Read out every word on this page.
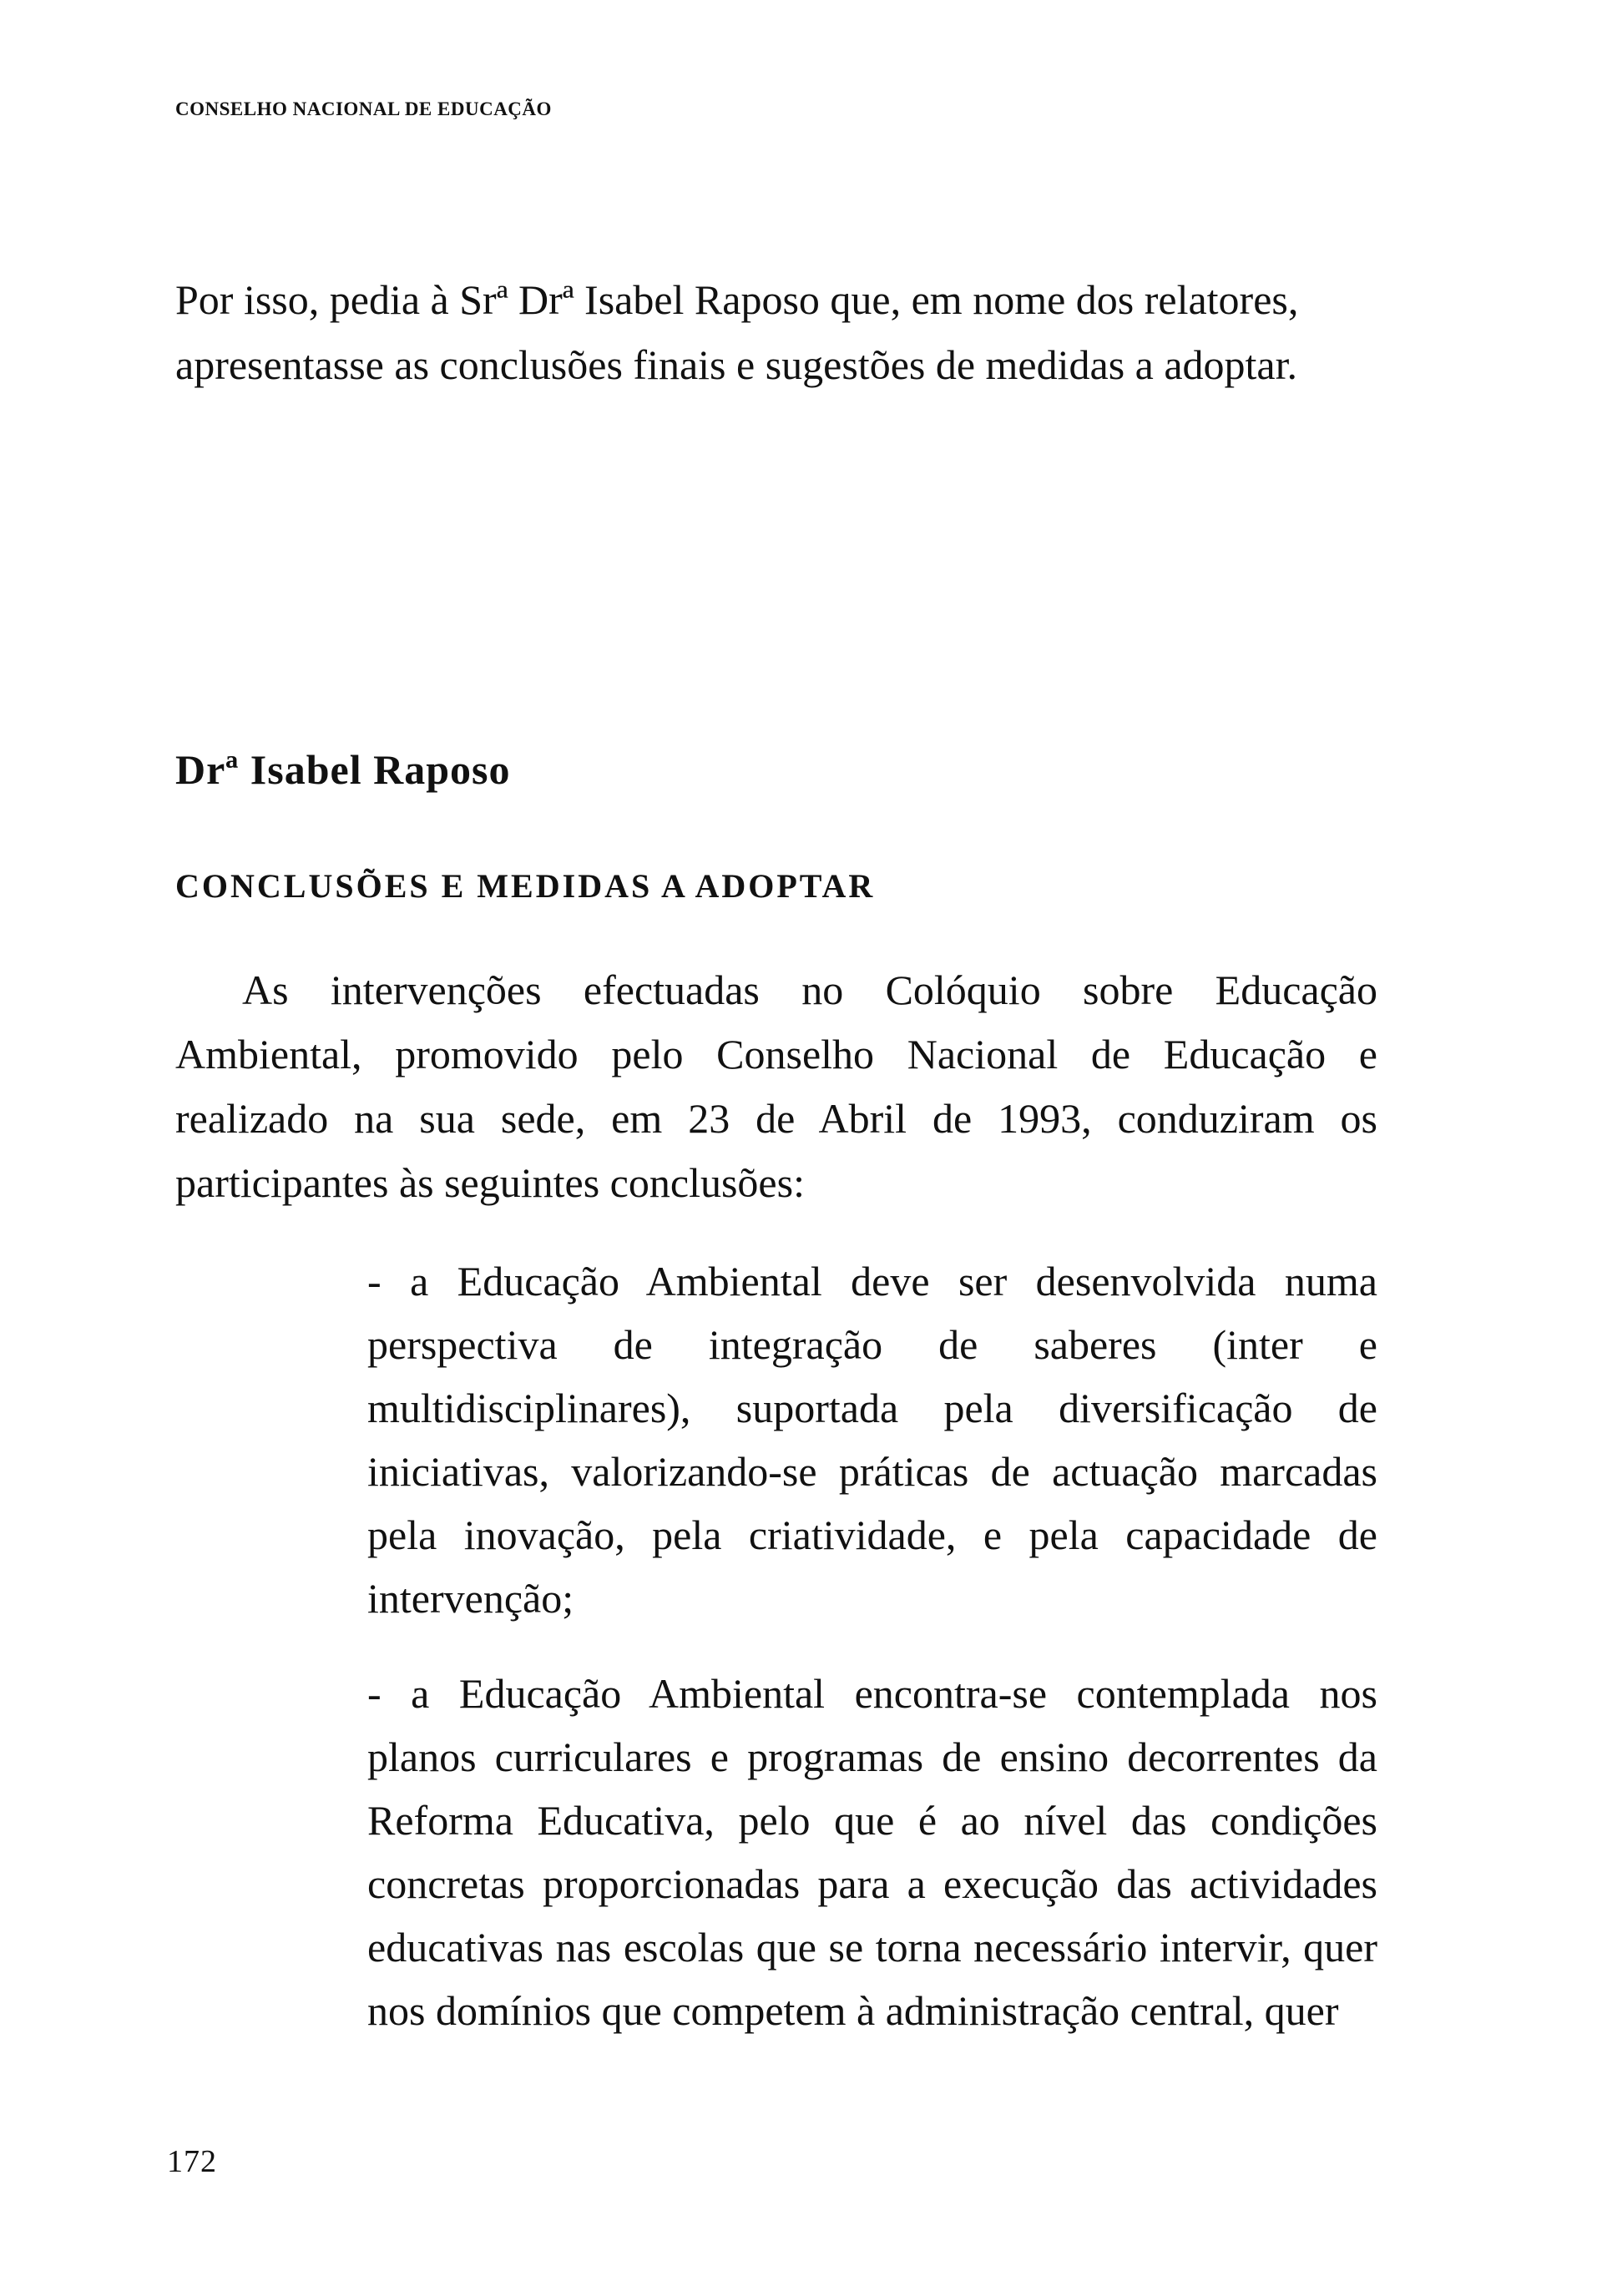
CONSELHO NACIONAL DE EDUCAÇÃO

Por isso, pedia à Srª Drª Isabel Raposo que, em nome dos relatores, apresentasse as conclusões finais e sugestões de medidas a adoptar.

Drª Isabel Raposo
CONCLUSÕES E MEDIDAS A ADOPTAR

As intervenções efectuadas no Colóquio sobre Educação Ambiental, promovido pelo Conselho Nacional de Educação e realizado na sua sede, em 23 de Abril de 1993, conduziram os participantes às seguintes conclusões:

- a Educação Ambiental deve ser desenvolvida numa perspectiva de integração de saberes (inter e multidisciplinares), suportada pela diversificação de iniciativas, valorizando-se práticas de actuação marcadas pela inovação, pela criatividade, e pela capacidade de intervenção;
- a Educação Ambiental encontra-se contemplada nos planos curriculares e programas de ensino decorrentes da Reforma Educativa, pelo que é ao nível das condições concretas proporcionadas para a execução das actividades educativas nas escolas que se torna necessário intervir, quer nos domínios que competem à administração central, quer
172
